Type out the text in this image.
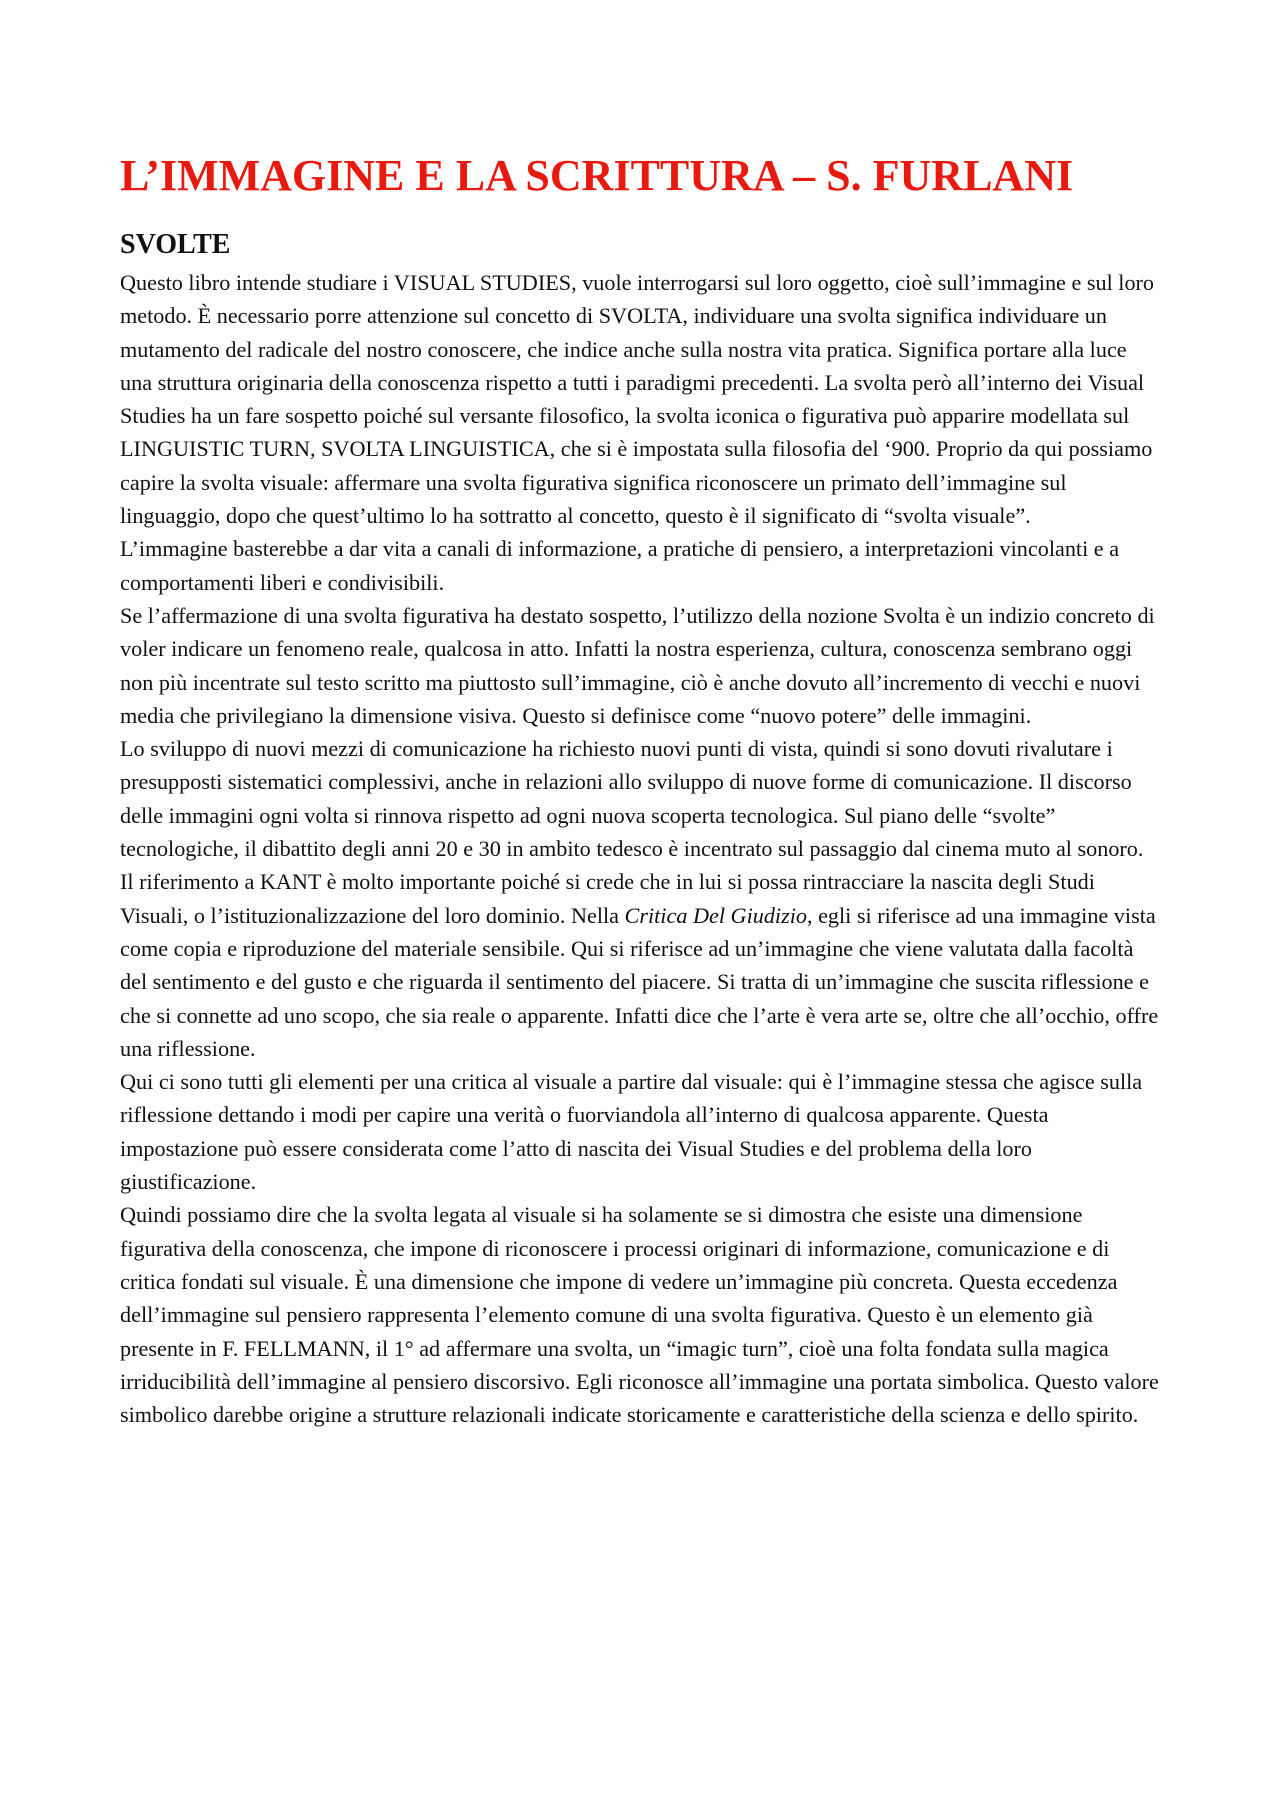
L’IMMAGINE E LA SCRITTURA – S. FURLANI
SVOLTE

Questo libro intende studiare i VISUAL STUDIES, vuole interrogarsi sul loro oggetto, cioè sull’immagine e sul loro metodo. È necessario porre attenzione sul concetto di SVOLTA, individuare una svolta significa individuare un mutamento del radicale del nostro conoscere, che indice anche sulla nostra vita pratica. Significa portare alla luce una struttura originaria della conoscenza rispetto a tutti i paradigmi precedenti. La svolta però all’interno dei Visual Studies ha un fare sospetto poiché sul versante filosofico, la svolta iconica o figurativa può apparire modellata sul LINGUISTIC TURN, SVOLTA LINGUISTICA, che si è impostata sulla filosofia del ‘900. Proprio da qui possiamo capire la svolta visuale: affermare una svolta figurativa significa riconoscere un primato dell’immagine sul linguaggio, dopo che quest’ultimo lo ha sottratto al concetto, questo è il significato di “svolta visuale”.

L’immagine basterebbe a dar vita a canali di informazione, a pratiche di pensiero, a interpretazioni vincolanti e a comportamenti liberi e condivisibili.

Se l’affermazione di una svolta figurativa ha destato sospetto, l’utilizzo della nozione Svolta è un indizio concreto di voler indicare un fenomeno reale, qualcosa in atto. Infatti la nostra esperienza, cultura, conoscenza sembrano oggi non più incentrate sul testo scritto ma piuttosto sull’immagine, ciò è anche dovuto all’incremento di vecchi e nuovi media che privilegiano la dimensione visiva. Questo si definisce come “nuovo potere” delle immagini.

Lo sviluppo di nuovi mezzi di comunicazione ha richiesto nuovi punti di vista, quindi si sono dovuti rivalutare i presupposti sistematici complessivi, anche in relazioni allo sviluppo di nuove forme di comunicazione. Il discorso delle immagini ogni volta si rinnova rispetto ad ogni nuova scoperta tecnologica. Sul piano delle “svolte” tecnologiche, il dibattito degli anni 20 e 30 in ambito tedesco è incentrato sul passaggio dal cinema muto al sonoro.

Il riferimento a KANT è molto importante poiché si crede che in lui si possa rintracciare la nascita degli Studi Visuali, o l’istituzionalizzazione del loro dominio. Nella Critica Del Giudizio, egli si riferisce ad una immagine vista come copia e riproduzione del materiale sensibile. Qui si riferisce ad un’immagine che viene valutata dalla facoltà del sentimento e del gusto e che riguarda il sentimento del piacere. Si tratta di un’immagine che suscita riflessione e che si connette ad uno scopo, che sia reale o apparente. Infatti dice che l’arte è vera arte se, oltre che all’occhio, offre una riflessione.

Qui ci sono tutti gli elementi per una critica al visuale a partire dal visuale: qui è l’immagine stessa che agisce sulla riflessione dettando i modi per capire una verità o fuorviandola all’interno di qualcosa apparente. Questa impostazione può essere considerata come l’atto di nascita dei Visual Studies e del problema della loro giustificazione.

Quindi possiamo dire che la svolta legata al visuale si ha solamente se si dimostra che esiste una dimensione figurativa della conoscenza, che impone di riconoscere i processi originari di informazione, comunicazione e di critica fondati sul visuale. È una dimensione che impone di vedere un’immagine più concreta. Questa eccedenza dell’immagine sul pensiero rappresenta l’elemento comune di una svolta figurativa. Questo è un elemento già presente in F. FELLMANN, il 1° ad affermare una svolta, un “imagic turn”, cioè una folta fondata sulla magica irriducibilità dell’immagine al pensiero discorsivo. Egli riconosce all’immagine una portata simbolica. Questo valore simbolico darebbe origine a strutture relazionali indicate storicamente e caratteristiche della scienza e dello spirito.
